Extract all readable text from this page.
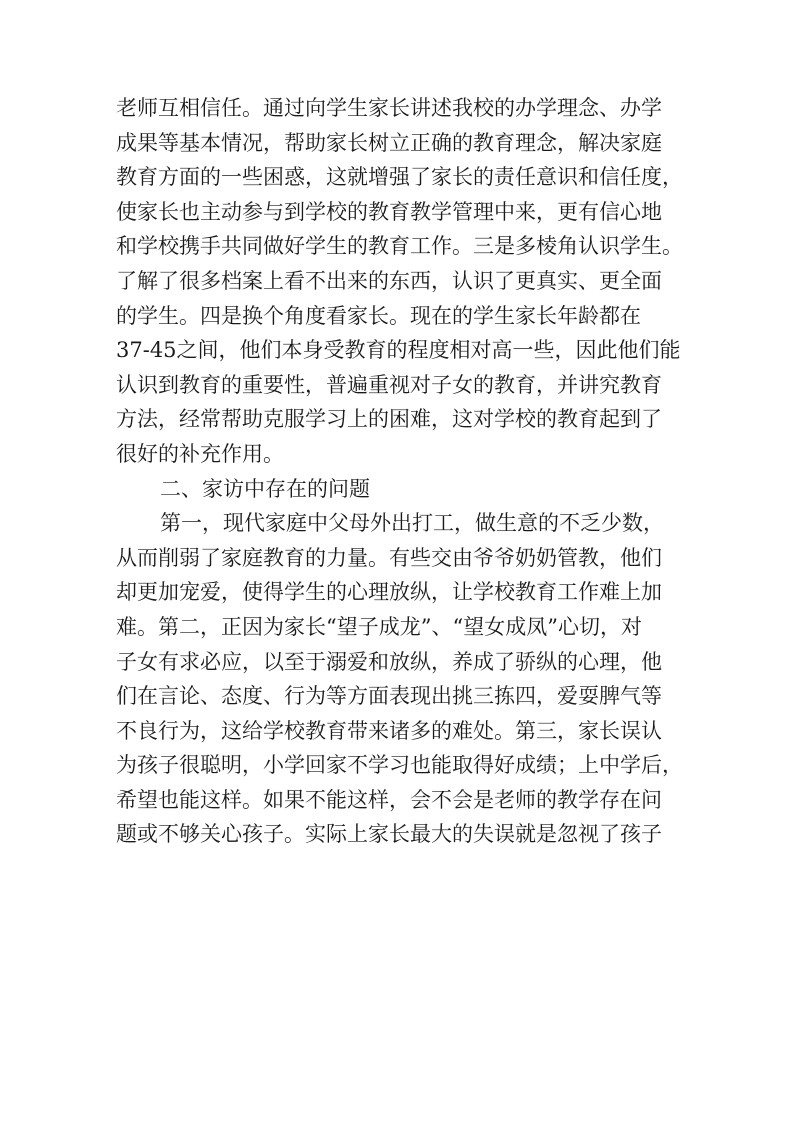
老师互相信任。通过向学生家长讲述我校的办学理念、办学
成果等基本情况，帮助家长树立正确的教育理念，解决家庭
教育方面的一些困惑，这就增强了家长的责任意识和信任度，
使家长也主动参与到学校的教育教学管理中来，更有信心地
和学校携手共同做好学生的教育工作。三是多棱角认识学生。
了解了很多档案上看不出来的东西，认识了更真实、更全面
的学生。四是换个角度看家长。现在的学生家长年龄都在
37-45之间，他们本身受教育的程度相对高一些，因此他们能
认识到教育的重要性，普遍重视对子女的教育，并讲究教育
方法，经常帮助克服学习上的困难，这对学校的教育起到了
很好的补充作用。
二、家访中存在的问题
第一，现代家庭中父母外出打工，做生意的不乏少数，
从而削弱了家庭教育的力量。有些交由爷爷奶奶管教，他们
却更加宠爱，使得学生的心理放纵，让学校教育工作难上加
难。第二，正因为家长“望子成龙”、“望女成凤”心切，对
子女有求必应，以至于溺爱和放纵，养成了骄纵的心理，他
们在言论、态度、行为等方面表现出挑三拣四，爱耍脾气等
不良行为，这给学校教育带来诸多的难处。第三，家长误认
为孩子很聪明，小学回家不学习也能取得好成绩；上中学后，
希望也能这样。如果不能这样，会不会是老师的教学存在问
题或不够关心孩子。实际上家长最大的失误就是忽视了孩子
